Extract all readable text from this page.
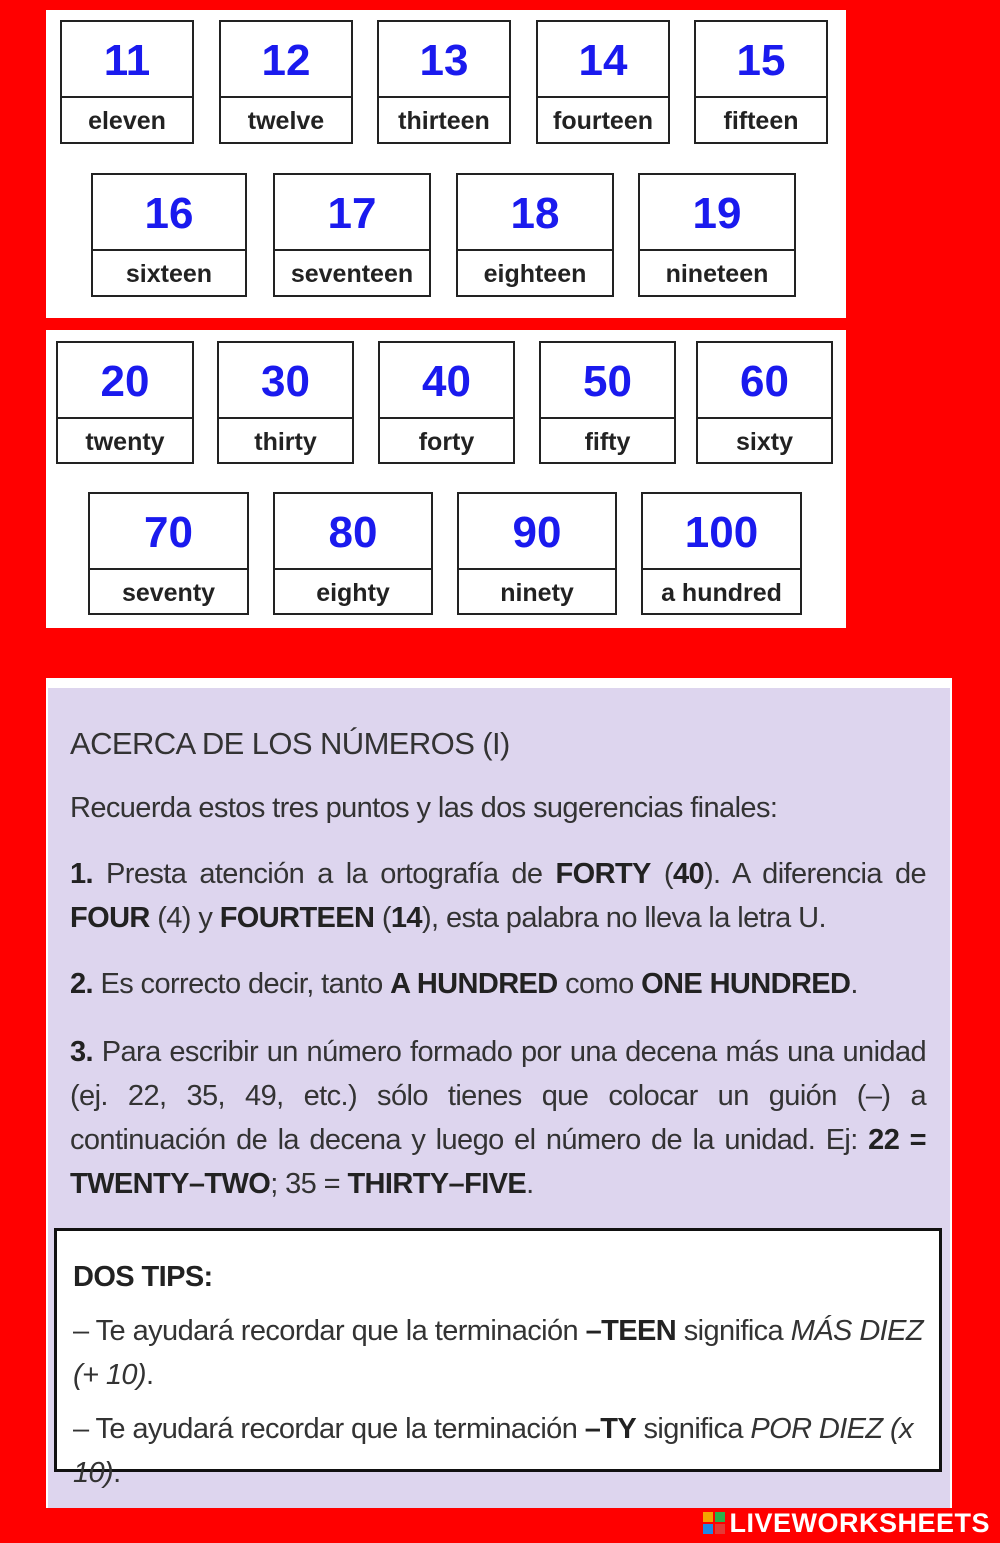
11
eleven
12
twelve
13
thirteen
14
fourteen
15
fifteen
16
sixteen
17
seventeen
18
eighteen
19
nineteen
20
twenty
30
thirty
40
forty
50
fifty
60
sixty
70
seventy
80
eighty
90
ninety
100
a hundred

ACERCA DE LOS NÚMEROS (I)

Recuerda estos tres puntos y las dos sugerencias finales:

1. Presta atención a la ortografía de FORTY (40). A diferencia de FOUR (4) y FOURTEEN (14), esta palabra no lleva la letra U.

2. Es correcto decir, tanto A HUNDRED como ONE HUNDRED.

3. Para escribir un número formado por una decena más una unidad (ej. 22, 35, 49, etc.) sólo tienes que colocar un guión (–) a continuación de la decena y luego el número de la unidad. Ej: 22 = TWENTY–TWO; 35 = THIRTY–FIVE.

DOS TIPS:

– Te ayudará recordar que la terminación –TEEN significa MÁS DIEZ (+ 10).

– Te ayudará recordar que la terminación –TY significa POR DIEZ (x 10).

LIVEWORKSHEETS
